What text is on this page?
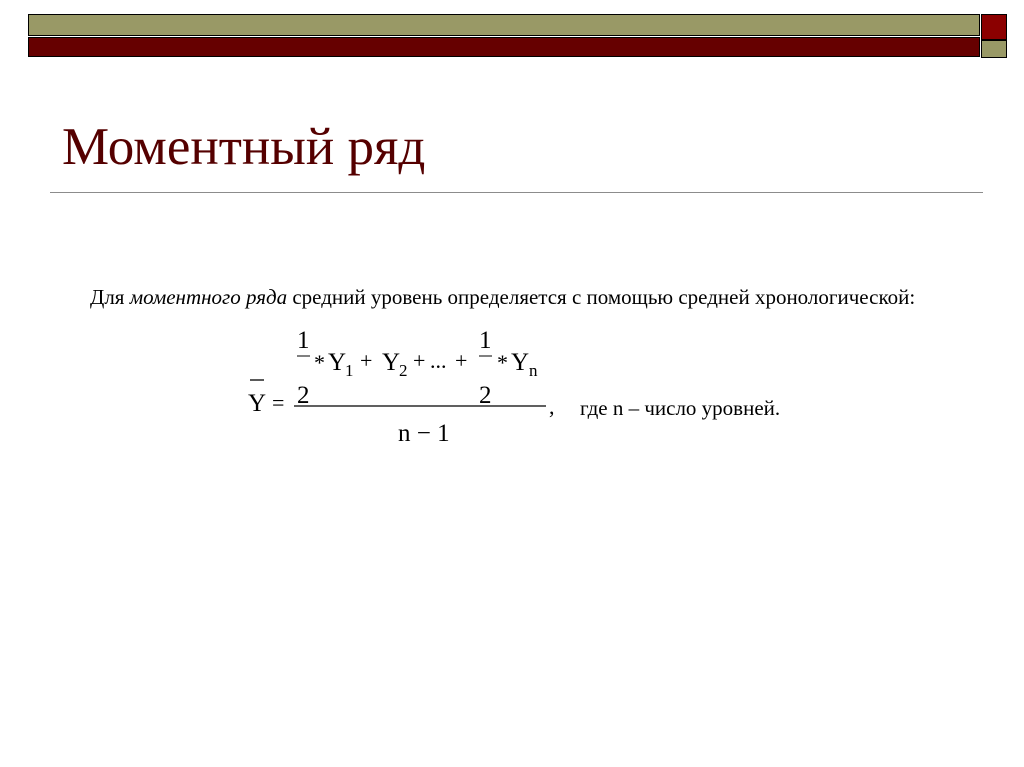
Моментный ряд
Для моментного ряда средний уровень определяется с помощью средней хронологической:
Y =
1
2
* Y
1 + Y
2 + ... +
1
2
* Y n
n − 1
, где n – число уровней.
